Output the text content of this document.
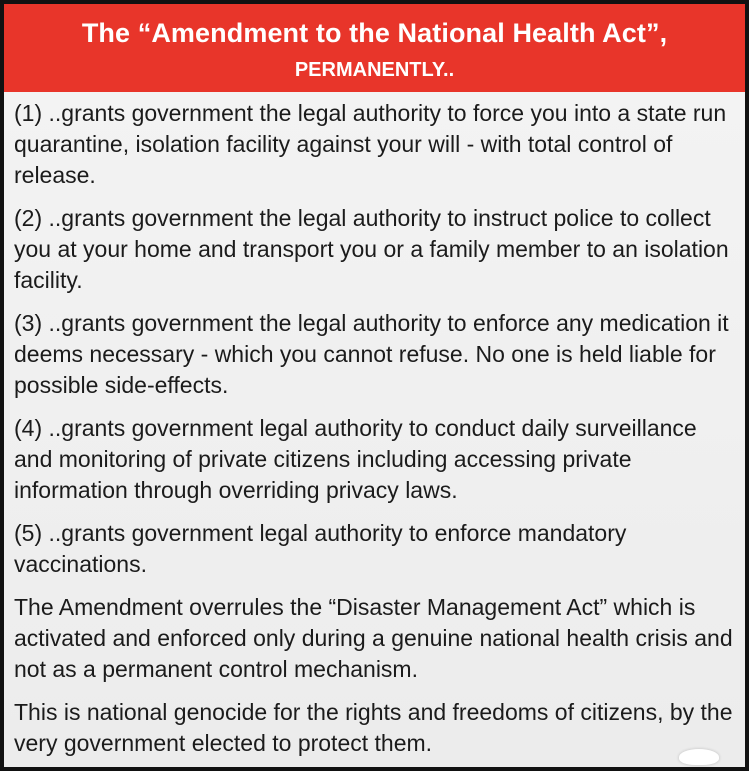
The “Amendment to the National Health Act”,
PERMANENTLY..

(1) ..grants government the legal authority to force you into a state run quarantine, isolation facility against your will - with total control of release.

(2) ..grants government the legal authority to instruct police to collect you at your home and transport you or a family member to an isolation facility.

(3) ..grants government the legal authority to enforce any medication it deems necessary - which you cannot refuse. No one is held liable for possible side-effects.

(4) ..grants government legal authority to conduct daily surveillance and monitoring of private citizens including accessing private information through overriding privacy laws.

(5) ..grants government legal authority to enforce mandatory vaccinations.

The Amendment overrules the “Disaster Management Act” which is activated and enforced only during a genuine national health crisis and not as a permanent control mechanism.

This is national genocide for the rights and freedoms of citizens, by the very government elected to protect them.
